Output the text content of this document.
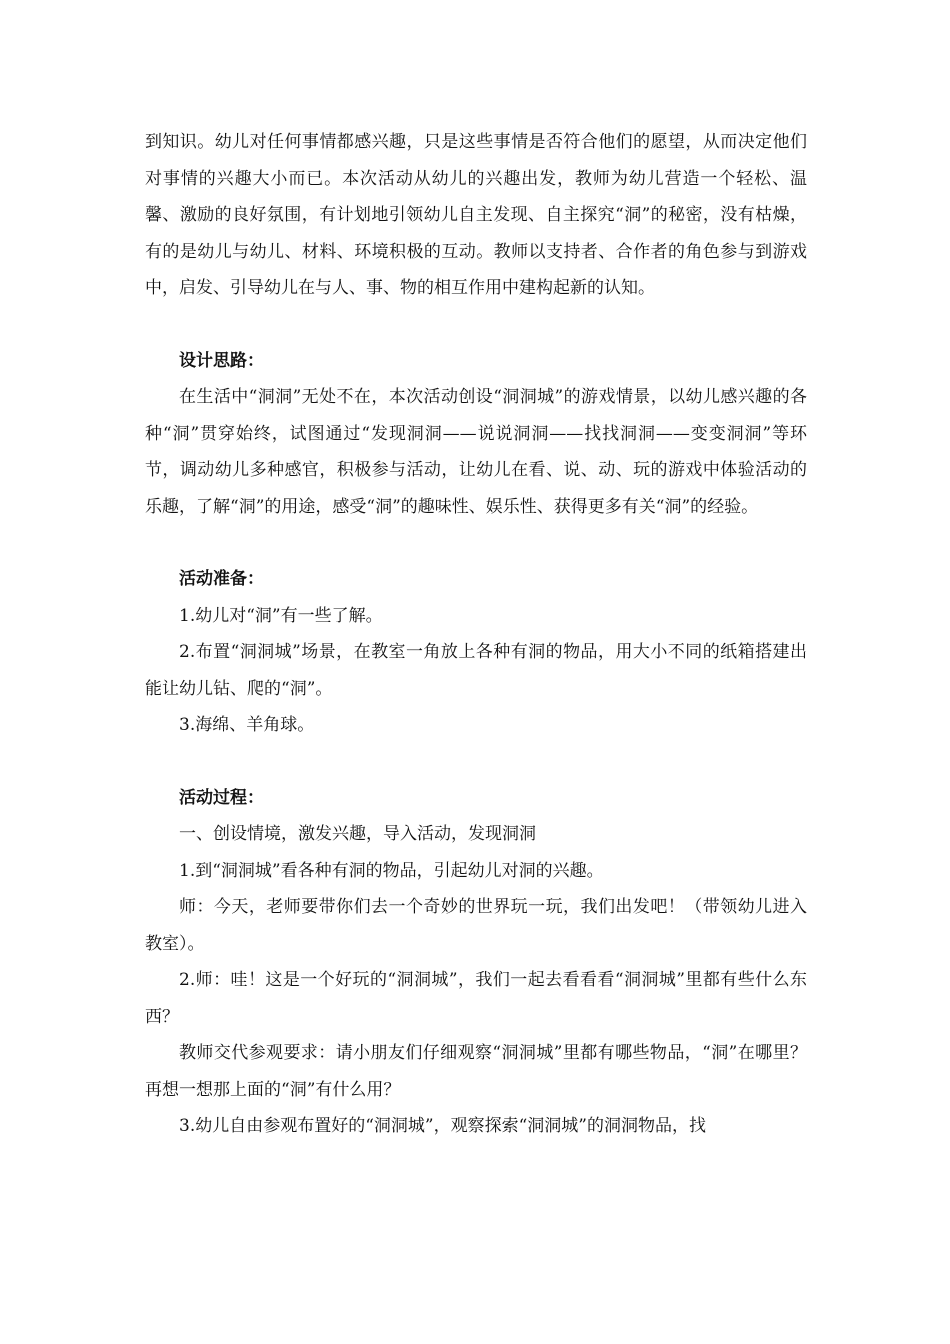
到知识。幼儿对任何事情都感兴趣，只是这些事情是否符合他们的愿望，从而决定他们对事情的兴趣大小而已。本次活动从幼儿的兴趣出发，教师为幼儿营造一个轻松、温馨、激励的良好氛围，有计划地引领幼儿自主发现、自主探究“洞”的秘密，没有枯燥，有的是幼儿与幼儿、材料、环境积极的互动。教师以支持者、合作者的角色参与到游戏中，启发、引导幼儿在与人、事、物的相互作用中建构起新的认知。

设计思路：

在生活中“洞洞”无处不在，本次活动创设“洞洞城”的游戏情景，以幼儿感兴趣的各种“洞”贯穿始终，试图通过“发现洞洞——说说洞洞——找找洞洞——变变洞洞”等环节，调动幼儿多种感官，积极参与活动，让幼儿在看、说、动、玩的游戏中体验活动的乐趣，了解“洞”的用途，感受“洞”的趣味性、娱乐性、获得更多有关“洞”的经验。

活动准备：

1.幼儿对“洞”有一些了解。

2.布置“洞洞城”场景，在教室一角放上各种有洞的物品，用大小不同的纸箱搭建出能让幼儿钻、爬的“洞”。

3.海绵、羊角球。

活动过程：

一、创设情境，激发兴趣，导入活动，发现洞洞

1.到“洞洞城”看各种有洞的物品，引起幼儿对洞的兴趣。

师：今天，老师要带你们去一个奇妙的世界玩一玩，我们出发吧！（带领幼儿进入教室）。

2.师：哇！这是一个好玩的“洞洞城”，我们一起去看看看“洞洞城”里都有些什么东西？

教师交代参观要求：请小朋友们仔细观察“洞洞城”里都有哪些物品，“洞”在哪里？再想一想那上面的“洞”有什么用？

3.幼儿自由参观布置好的“洞洞城”，观察探索“洞洞城”的洞洞物品，找
